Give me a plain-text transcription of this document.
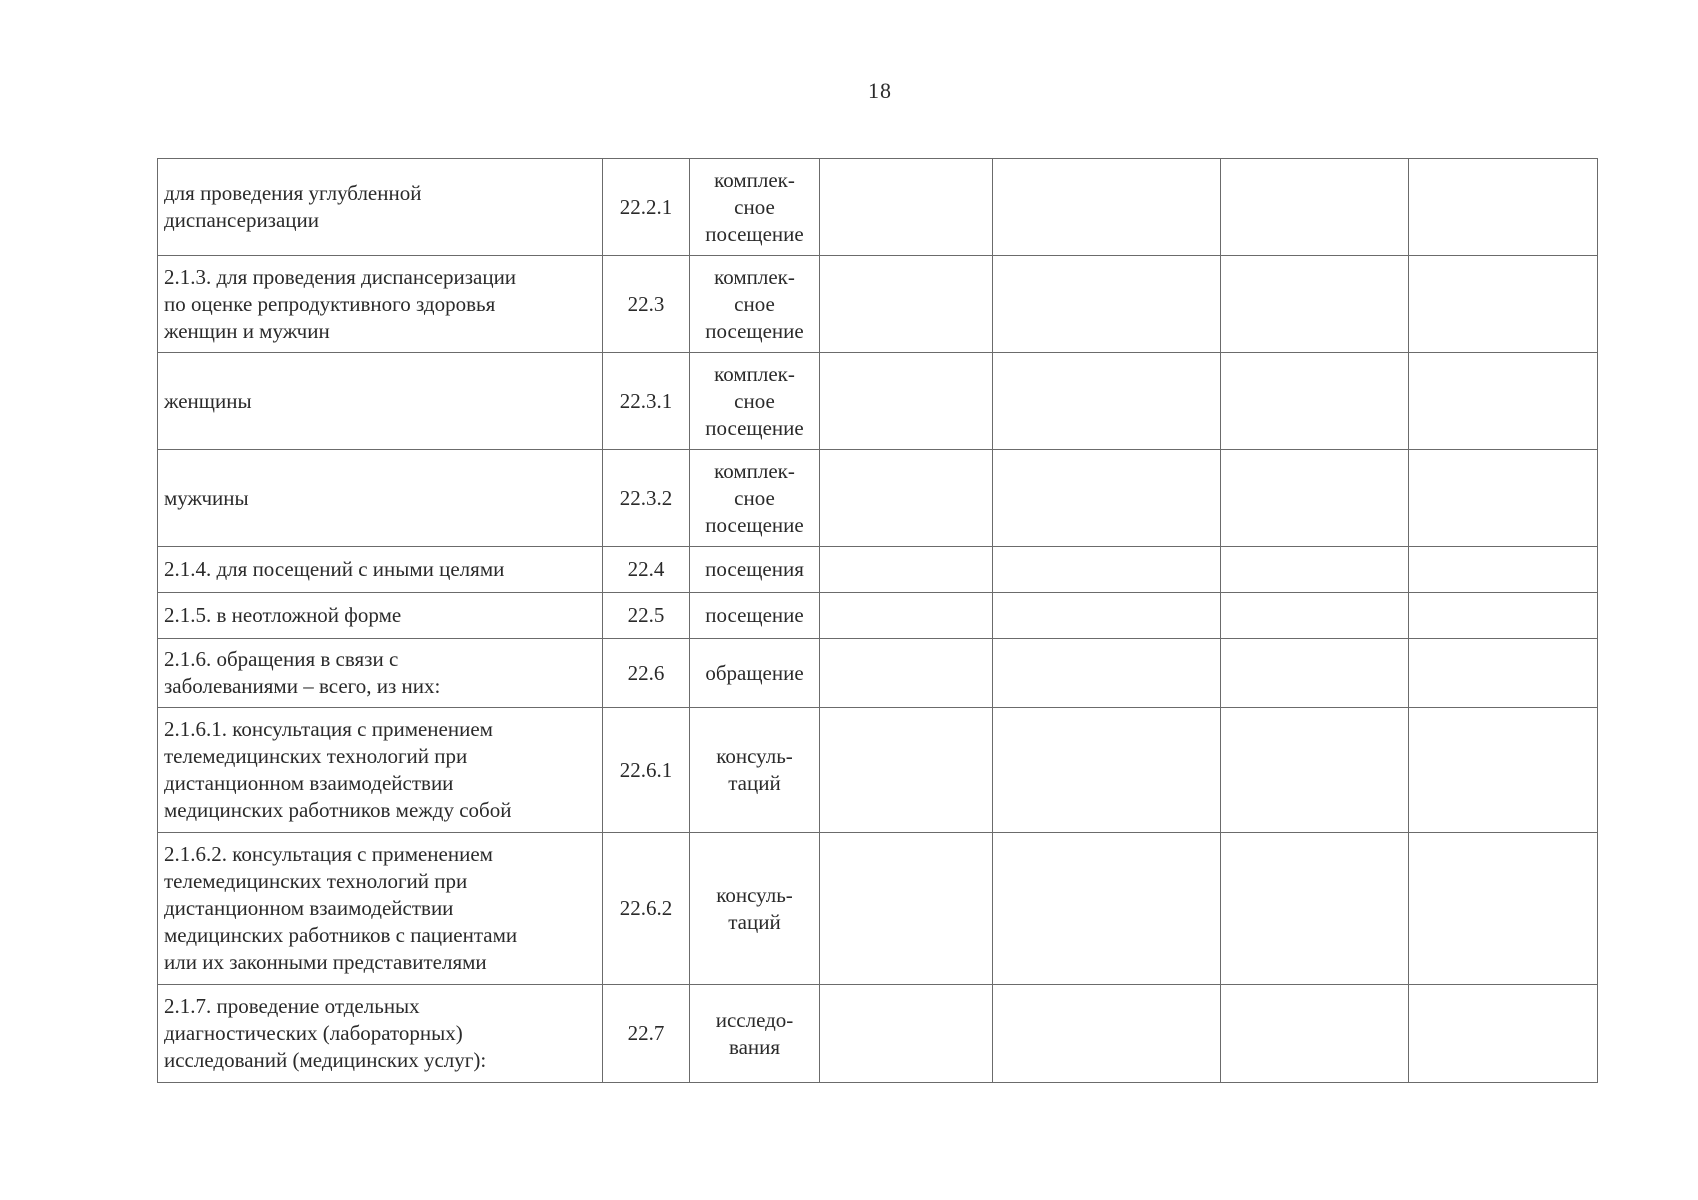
18
для проведения углубленной
диспансеризации	22.2.1	комплек-
сное
посещение				

2.1.3. для проведения диспансеризации
по оценке репродуктивного здоровья
женщин и мужчин	22.3	комплек-
сное
посещение				

женщины	22.3.1	комплек-
сное
посещение				

мужчины	22.3.2	комплек-
сное
посещение				

2.1.4. для посещений с иными целями	22.4	посещения				

2.1.5. в неотложной форме	22.5	посещение				

2.1.6. обращения в связи с
заболеваниями – всего, из них:	22.6	обращение				

2.1.6.1. консультация с применением
телемедицинских технологий при
дистанционном взаимодействии
медицинских работников между собой	22.6.1	консуль-
таций				

2.1.6.2. консультация с применением
телемедицинских технологий при
дистанционном взаимодействии
медицинских работников с пациентами
или их законными представителями	22.6.2	консуль-
таций				

2.1.7. проведение отдельных
диагностических (лабораторных)
исследований (медицинских услуг):	22.7	исследо-
вания				
